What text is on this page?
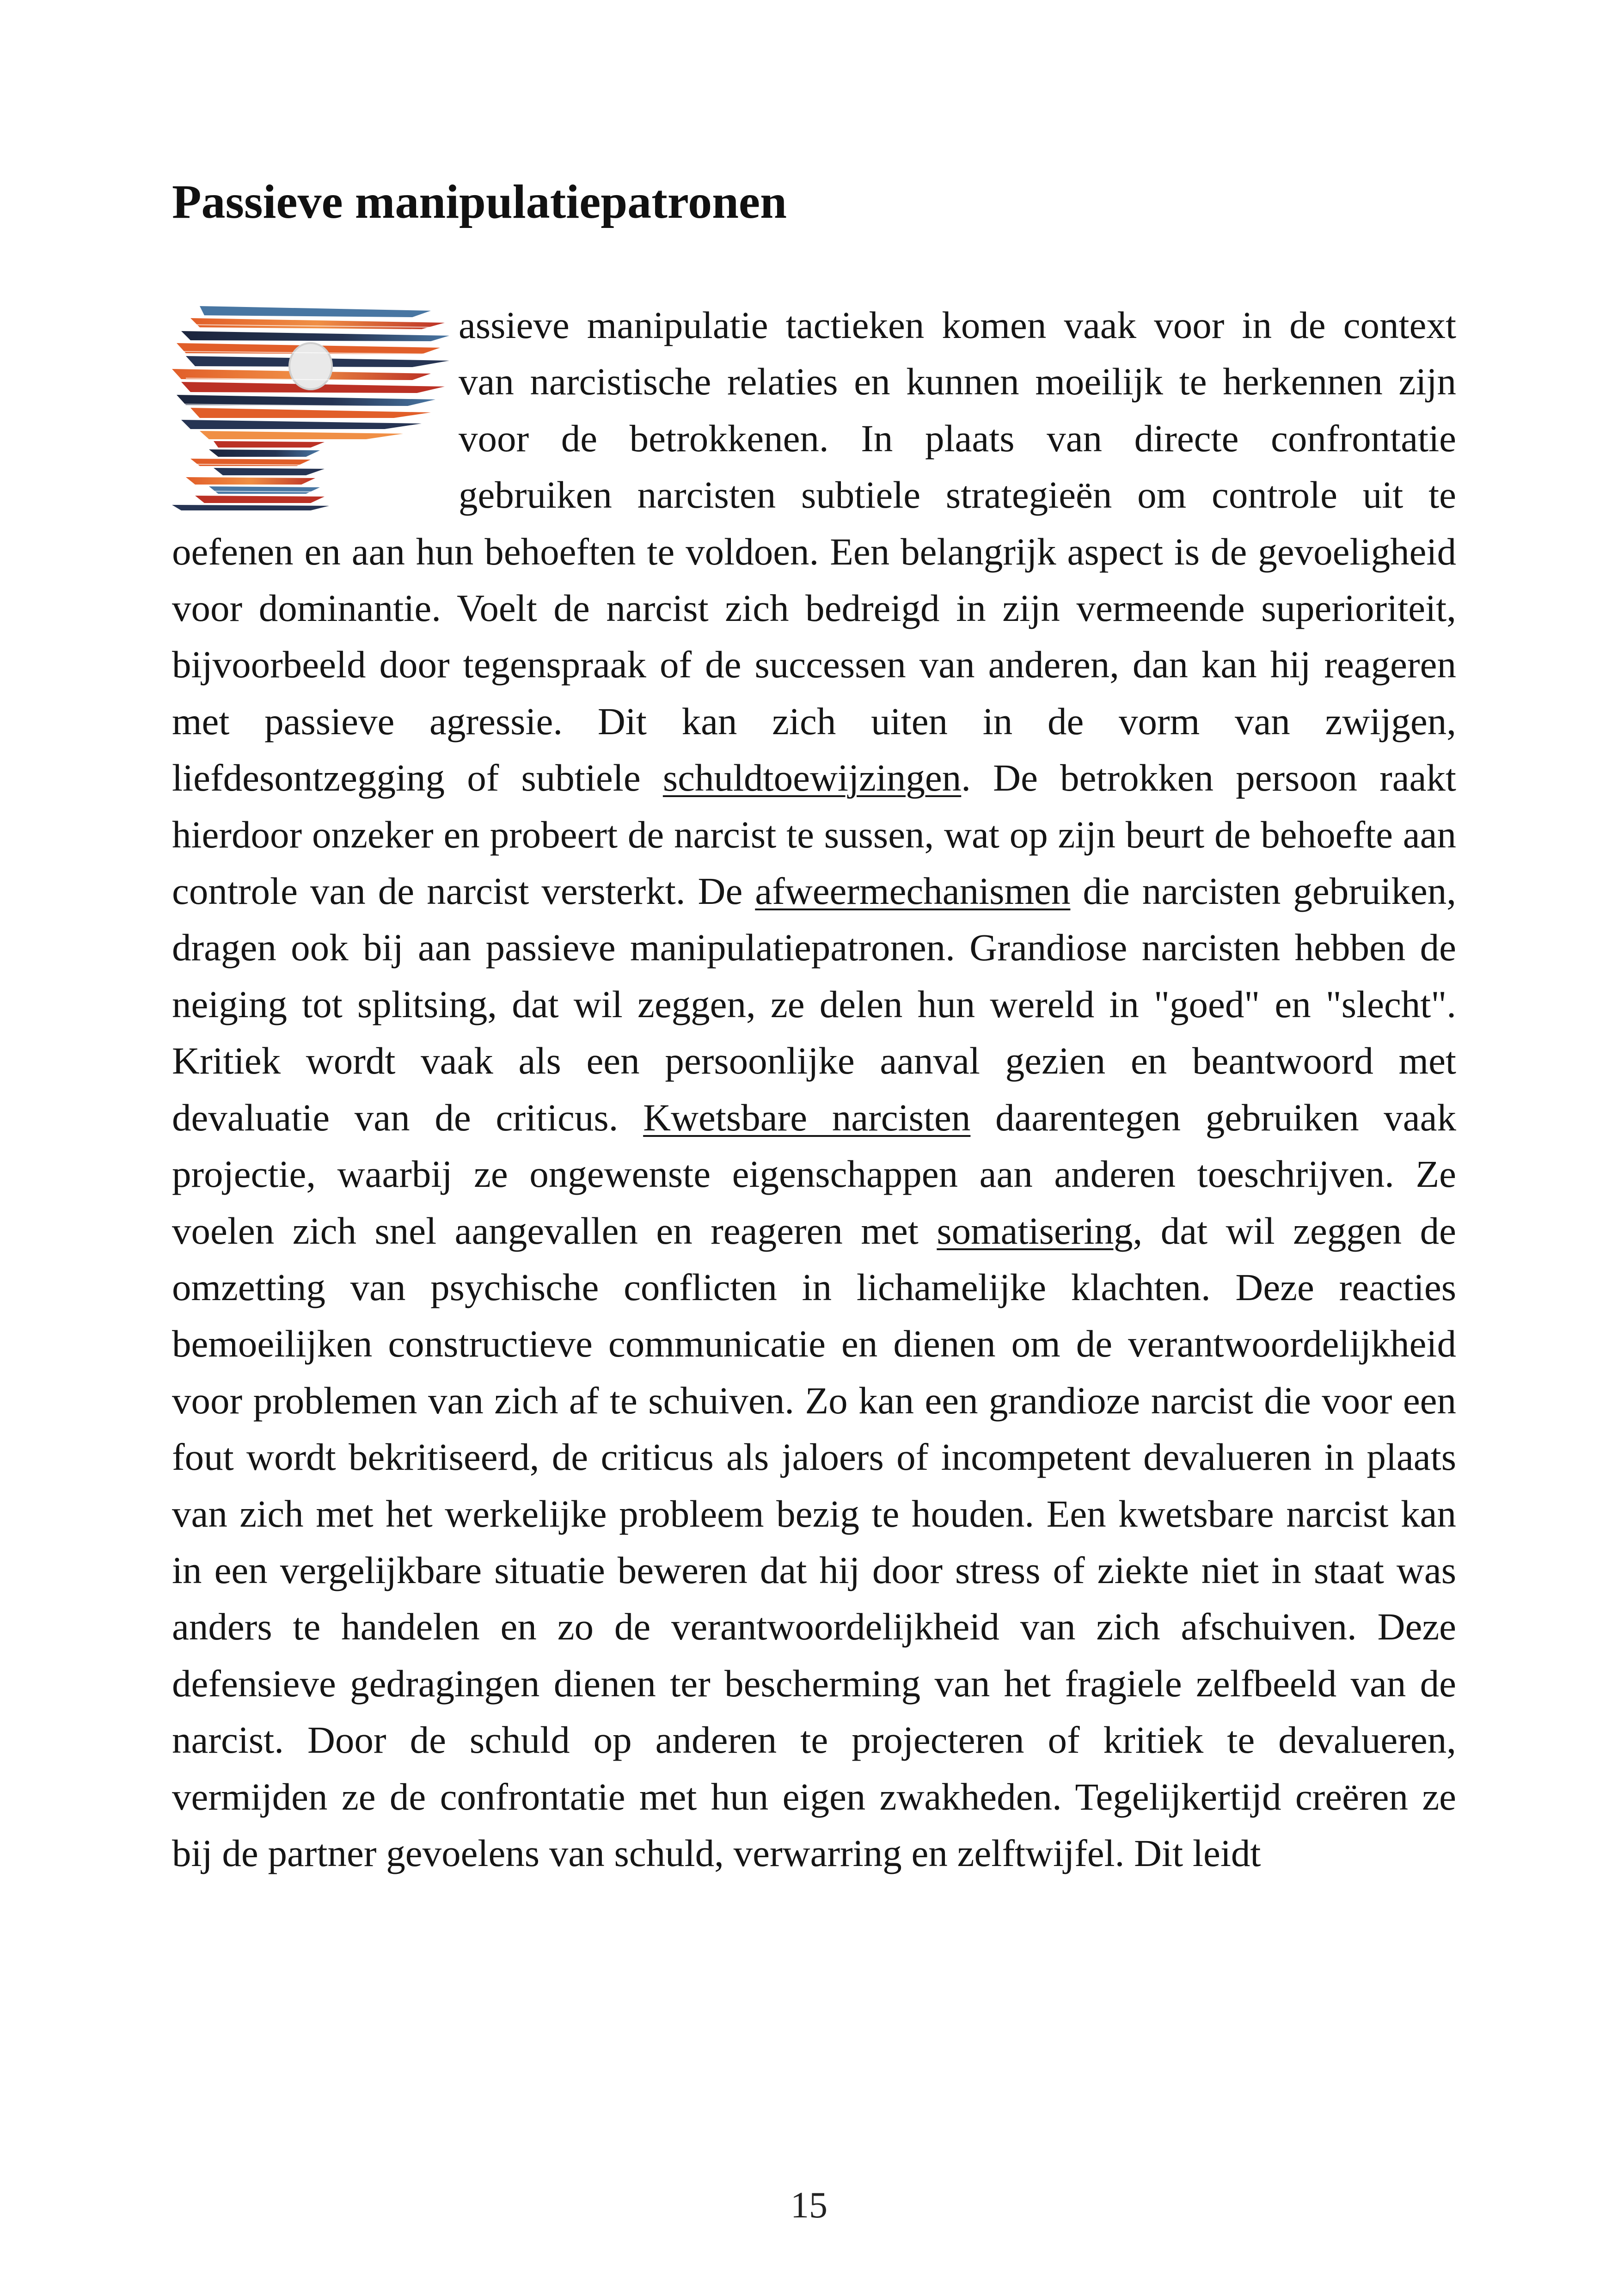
Passieve manipulatiepatronen

assieve manipulatie tactieken komen vaak voor in de context van narcistische relaties en kunnen moeilijk te herkennen zijn voor de betrokkenen. In plaats van directe confrontatie gebruiken narcisten subtiele strategieën om controle uit te oefenen en aan hun behoeften te voldoen. Een belangrijk aspect is de gevoeligheid voor dominantie. Voelt de narcist zich bedreigd in zijn vermeende superioriteit, bijvoorbeeld door tegenspraak of de successen van anderen, dan kan hij reageren met passieve agressie. Dit kan zich uiten in de vorm van zwijgen, liefdesontzegging of subtiele schuldtoewijzingen. De betrokken persoon raakt hierdoor onzeker en probeert de narcist te sussen, wat op zijn beurt de behoefte aan controle van de narcist versterkt. De afweermechanismen die narcisten gebruiken, dragen ook bij aan passieve manipulatiepatronen. Grandiose narcisten hebben de neiging tot splitsing, dat wil zeggen, ze delen hun wereld in "goed" en "slecht". Kritiek wordt vaak als een persoonlijke aanval gezien en beantwoord met devaluatie van de criticus. Kwetsbare narcisten daarentegen gebruiken vaak projectie, waarbij ze ongewenste eigenschappen aan anderen toeschrijven. Ze voelen zich snel aangevallen en reageren met somatisering, dat wil zeggen de omzetting van psychische conflicten in lichamelijke klachten. Deze reacties bemoeilijken constructieve communicatie en dienen om de verantwoordelijkheid voor problemen van zich af te schuiven. Zo kan een grandioze narcist die voor een fout wordt bekritiseerd, de criticus als jaloers of incompetent devalueren in plaats van zich met het werkelijke probleem bezig te houden. Een kwetsbare narcist kan in een vergelijkbare situatie beweren dat hij door stress of ziekte niet in staat was anders te handelen en zo de verantwoordelijkheid van zich afschuiven. Deze defensieve gedragingen dienen ter bescherming van het fragiele zelfbeeld van de narcist. Door de schuld op anderen te projecteren of kritiek te devalueren, vermijden ze de confrontatie met hun eigen zwakheden. Tegelijkertijd creëren ze bij de partner gevoelens van schuld, verwarring en zelftwijfel. Dit leidt

15
